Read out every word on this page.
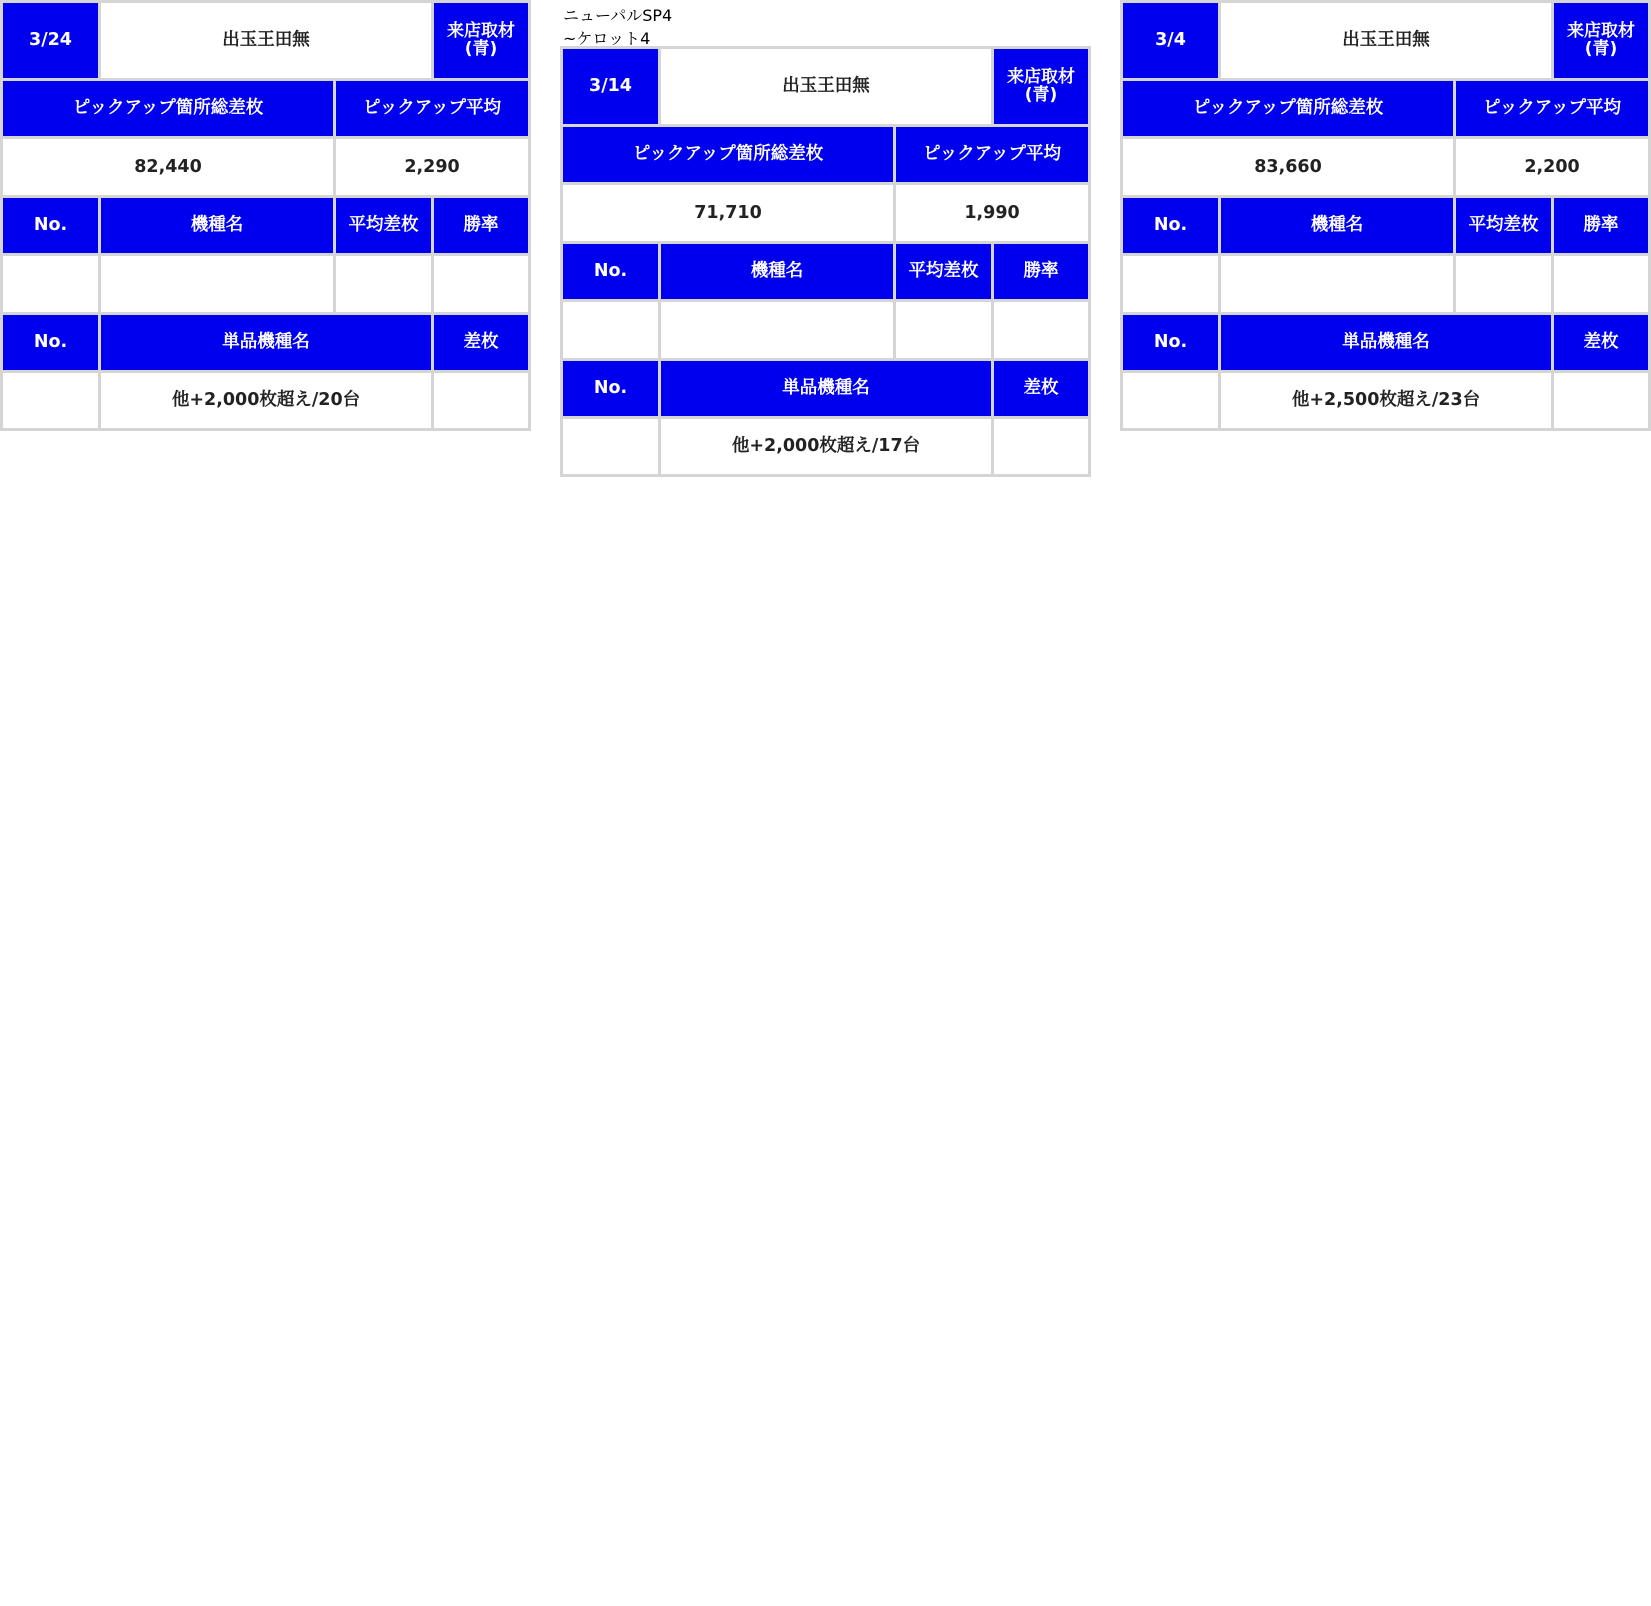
3/24	出玉王田無		来店取材
(青)
ピックアップ箇所総差枚		ピックアップ平均	
82,440		2,290	
No.	機種名	平均差枚	勝率

No.	単品機種名		差枚
	他+2,000枚超え/20台		
ニューパルSP4
~ケロット4
3/14	出玉王田無		来店取材
(青)
ピックアップ箇所総差枚		ピックアップ平均	
71,710		1,990	
No.	機種名	平均差枚	勝率

No.	単品機種名		差枚
	他+2,000枚超え/17台		
3/4	出玉王田無		来店取材
(青)
ピックアップ箇所総差枚		ピックアップ平均	
83,660		2,200	
No.	機種名	平均差枚	勝率

No.	単品機種名		差枚
	他+2,500枚超え/23台		
